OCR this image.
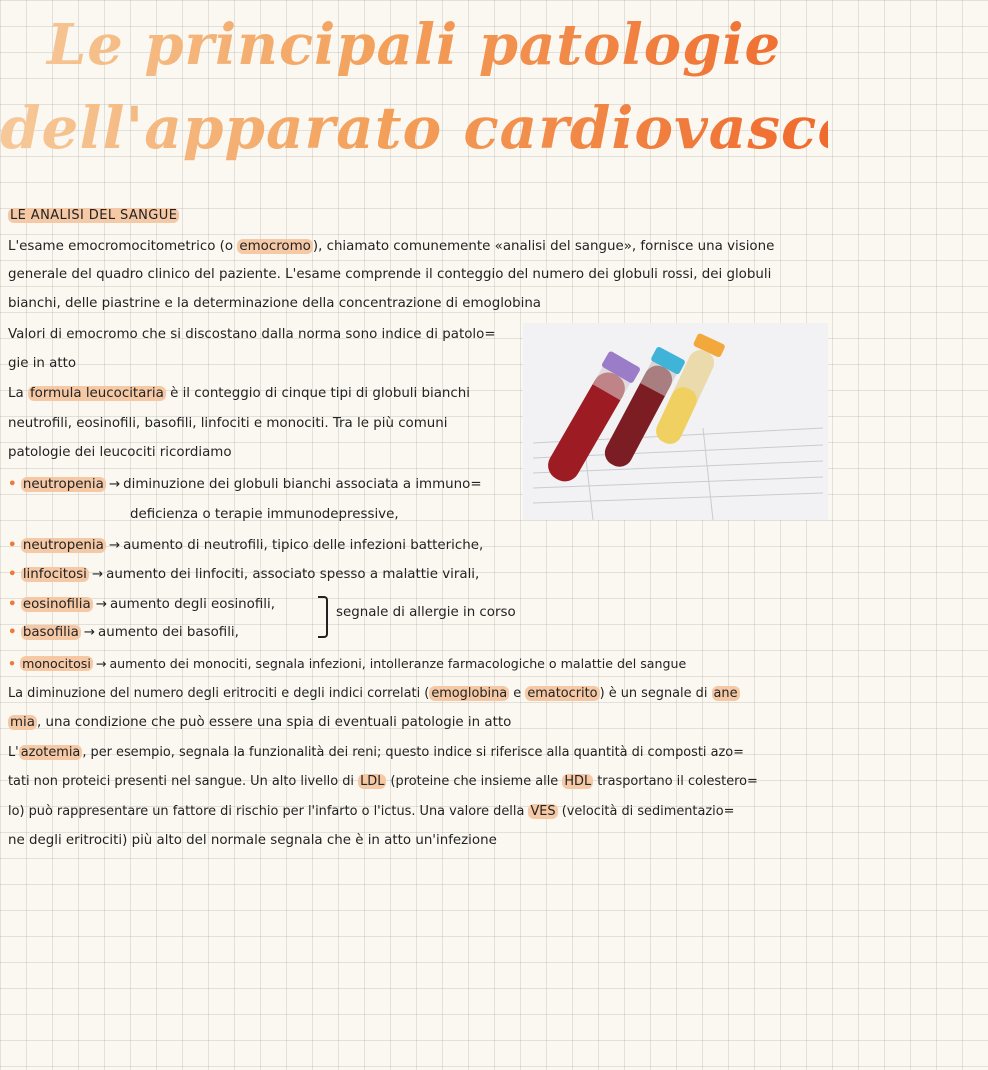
Le principali patologie
dell'apparato cardiovascolare
LE ANALISI DEL SANGUE
L'esame emocromocitometrico (o emocromo ), chiamato comunemente «analisi del sangue», fornisce una visione
generale del quadro clinico del paziente. L'esame comprende il conteggio del numero dei globuli rossi, dei globuli
bianchi, delle piastrine e la determinazione della concentrazione di emoglobina
Valori di emocromo che si discostano dalla norma sono indice di patolo=
gie in atto
La formula leucocitaria è il conteggio di cinque tipi di globuli bianchi
neutrofili, eosinofili, basofili, linfociti e monociti. Tra le più comuni
patologie dei leucociti ricordiamo
• neutropenia → diminuzione dei globuli bianchi associata a immuno=
deficienza o terapie immunodepressive,
• neutropenia → aumento di neutrofili, tipico delle infezioni batteriche,
• linfocitosi → aumento dei linfociti, associato spesso a malattie virali,
• eosinofilia → aumento degli eosinofili,
• basofilia → aumento dei basofili,
segnale di allergie in corso
• monocitosi → aumento dei monociti, segnala infezioni, intolleranze farmacologiche o malattie del sangue
La diminuzione del numero degli eritrociti e degli indici correlati ( emoglobina e ematocrito ) è un segnale di ane
mia , una condizione che può essere una spia di eventuali patologie in atto
L' azotemia , per esempio, segnala la funzionalità dei reni; questo indice si riferisce alla quantità di composti azo=
tati non proteici presenti nel sangue. Un alto livello di LDL (proteine che insieme alle HDL trasportano il colestero=
lo) può rappresentare un fattore di rischio per l'infarto o l'ictus. Una valore della VES (velocità di sedimentazio=
ne degli eritrociti) più alto del normale segnala che è in atto un'infezione
